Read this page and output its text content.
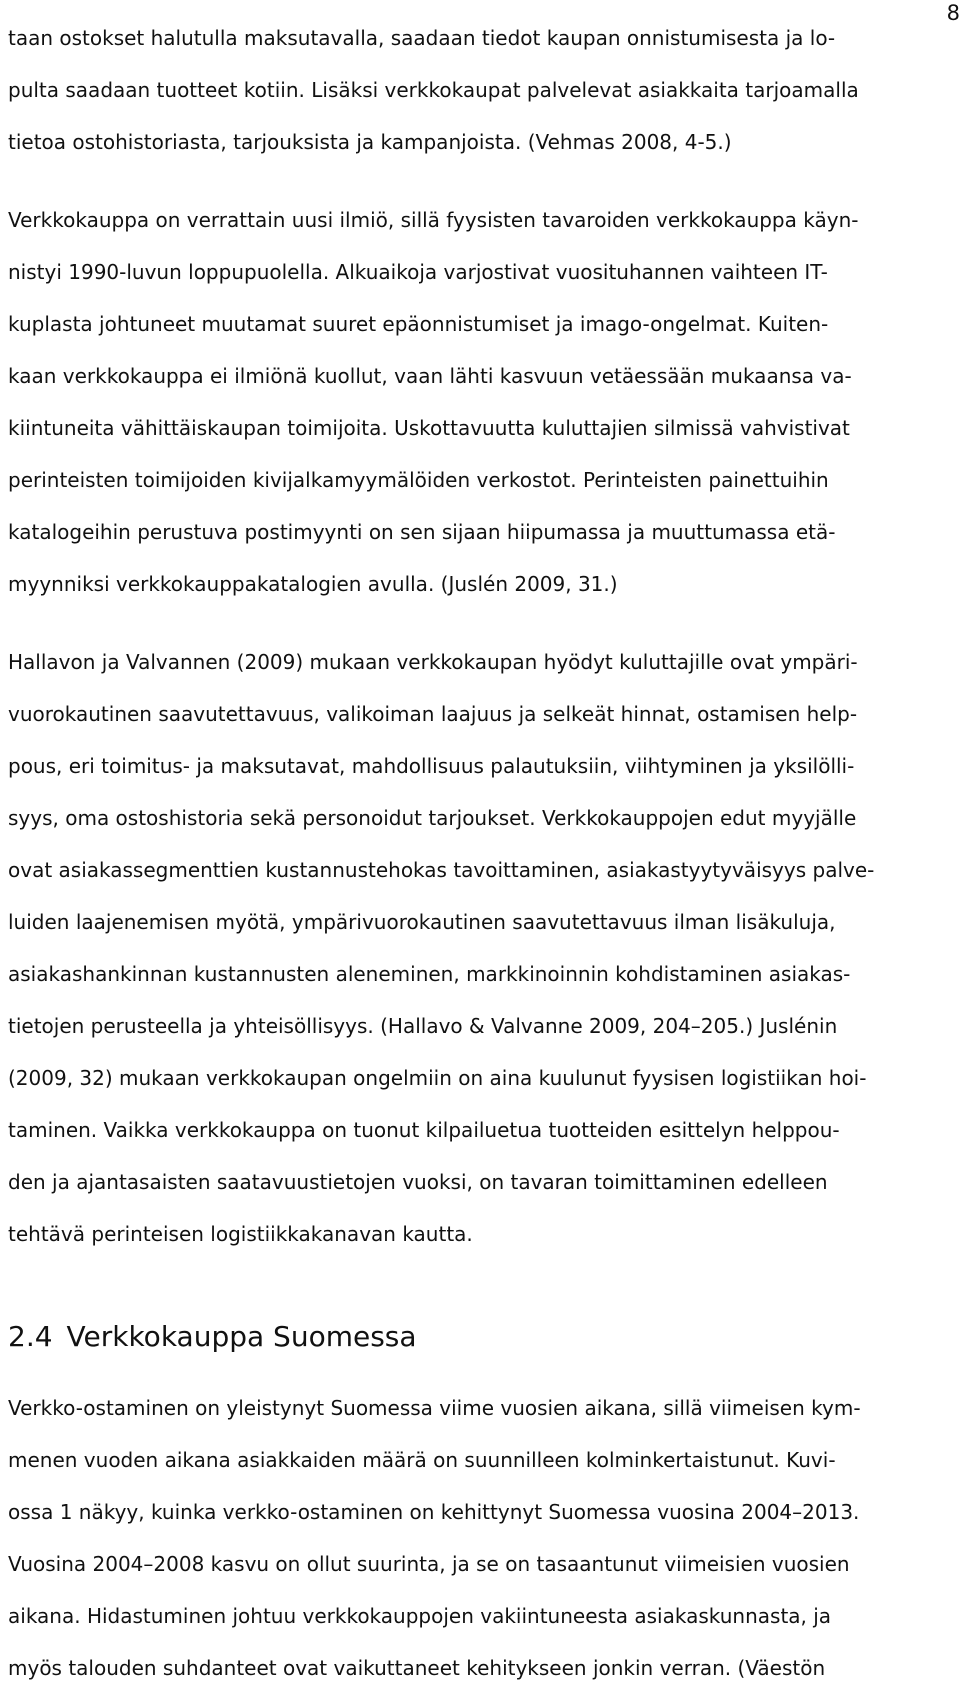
8

taan ostokset halutulla maksutavalla, saadaan tiedot kaupan onnistumisesta ja lo-
pulta saadaan tuotteet kotiin. Lisäksi verkkokaupat palvelevat asiakkaita tarjoamalla
tietoa ostohistoriasta, tarjouksista ja kampanjoista. (Vehmas 2008, 4-5.)

Verkkokauppa on verrattain uusi ilmiö, sillä fyysisten tavaroiden verkkokauppa käyn-
nistyi 1990-luvun loppupuolella. Alkuaikoja varjostivat vuosituhannen vaihteen IT-
kuplasta johtuneet muutamat suuret epäonnistumiset ja imago-ongelmat. Kuiten-
kaan verkkokauppa ei ilmiönä kuollut, vaan lähti kasvuun vetäessään mukaansa va-
kiintuneita vähittäiskaupan toimijoita. Uskottavuutta kuluttajien silmissä vahvistivat
perinteisten toimijoiden kivijalkamyymälöiden verkostot. Perinteisten painettuihin
katalogeihin perustuva postimyynti on sen sijaan hiipumassa ja muuttumassa etä-
myynniksi verkkokauppakatalogien avulla. (Juslén 2009, 31.)

Hallavon ja Valvannen (2009) mukaan verkkokaupan hyödyt kuluttajille ovat ympäri-
vuorokautinen saavutettavuus, valikoiman laajuus ja selkeät hinnat, ostamisen help-
pous, eri toimitus- ja maksutavat, mahdollisuus palautuksiin, viihtyminen ja yksilölli-
syys, oma ostoshistoria sekä personoidut tarjoukset. Verkkokauppojen edut myyjälle
ovat asiakassegmenttien kustannustehokas tavoittaminen, asiakastyytyväisyys palve-
luiden laajenemisen myötä, ympärivuorokautinen saavutettavuus ilman lisäkuluja,
asiakashankinnan kustannusten aleneminen, markkinoinnin kohdistaminen asiakas-
tietojen perusteella ja yhteisöllisyys. (Hallavo & Valvanne 2009, 204–205.) Juslénin
(2009, 32) mukaan verkkokaupan ongelmiin on aina kuulunut fyysisen logistiikan hoi-
taminen. Vaikka verkkokauppa on tuonut kilpailuetua tuotteiden esittelyn helppou-
den ja ajantasaisten saatavuustietojen vuoksi, on tavaran toimittaminen edelleen
tehtävä perinteisen logistiikkakanavan kautta.

2.4 Verkkokauppa Suomessa

Verkko-ostaminen on yleistynyt Suomessa viime vuosien aikana, sillä viimeisen kym-
menen vuoden aikana asiakkaiden määrä on suunnilleen kolminkertaistunut. Kuvi-
ossa 1 näkyy, kuinka verkko-ostaminen on kehittynyt Suomessa vuosina 2004–2013.
Vuosina 2004–2008 kasvu on ollut suurinta, ja se on tasaantunut viimeisien vuosien
aikana. Hidastuminen johtuu verkkokauppojen vakiintuneesta asiakaskunnasta, ja
myös talouden suhdanteet ovat vaikuttaneet kehitykseen jonkin verran. (Väestön
